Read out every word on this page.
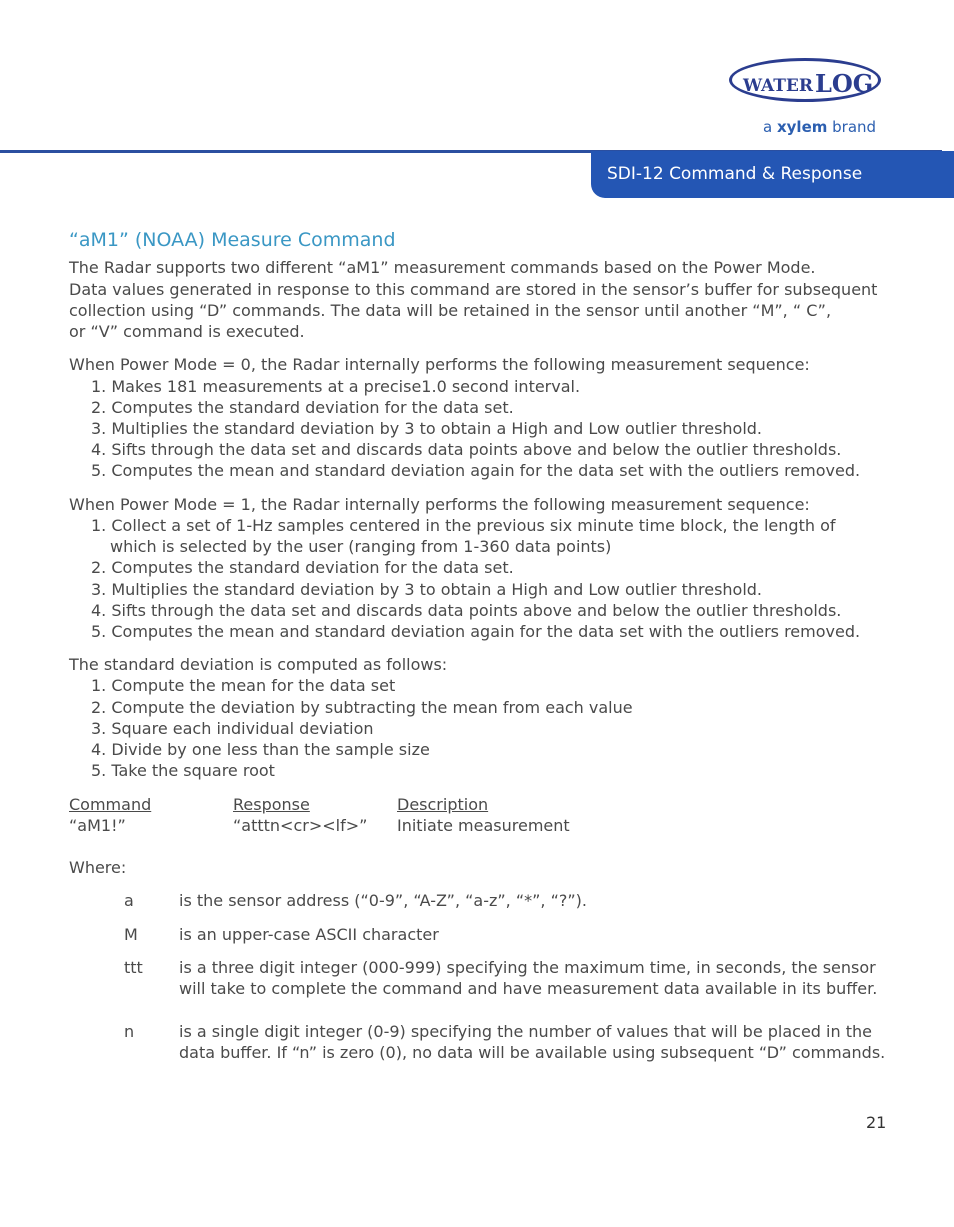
WATERLOG
a xylem brand
SDI-12 Command & Response
“aM1” (NOAA) Measure Command
The Radar supports two different “aM1” measurement commands based on the Power Mode.
Data values generated in response to this command are stored in the sensor’s buffer for subsequent
collection using “D” commands. The data will be retained in the sensor until another “M”, “ C”,
or “V” command is executed.
When Power Mode = 0, the Radar internally performs the following measurement sequence:
1. Makes 181 measurements at a precise1.0 second interval.
2. Computes the standard deviation for the data set.
3. Multiplies the standard deviation by 3 to obtain a High and Low outlier threshold.
4. Sifts through the data set and discards data points above and below the outlier thresholds.
5. Computes the mean and standard deviation again for the data set with the outliers removed.
When Power Mode = 1, the Radar internally performs the following measurement sequence:
1. Collect a set of 1-Hz samples centered in the previous six minute time block, the length of
which is selected by the user (ranging from 1-360 data points)
2. Computes the standard deviation for the data set.
3. Multiplies the standard deviation by 3 to obtain a High and Low outlier threshold.
4. Sifts through the data set and discards data points above and below the outlier thresholds.
5. Computes the mean and standard deviation again for the data set with the outliers removed.
The standard deviation is computed as follows:
1. Compute the mean for the data set
2. Compute the deviation by subtracting the mean from each value
3. Square each individual deviation
4. Divide by one less than the sample size
5. Take the square root
Command	Response	Description
“aM1!”	“atttn<cr><lf>” Initiate measurement
Where:
a	is the sensor address (“0-9”, “A-Z”, “a-z”, “*”, “?”).
M	is an upper-case ASCII character
ttt is a three digit integer (000-999) specifying the maximum time, in seconds, the sensor
will take to complete the command and have measurement data available in its buffer.
n	is a single digit integer (0-9) specifying the number of values that will be placed in the
data buffer. If “n” is zero (0), no data will be available using subsequent “D” commands.
21
